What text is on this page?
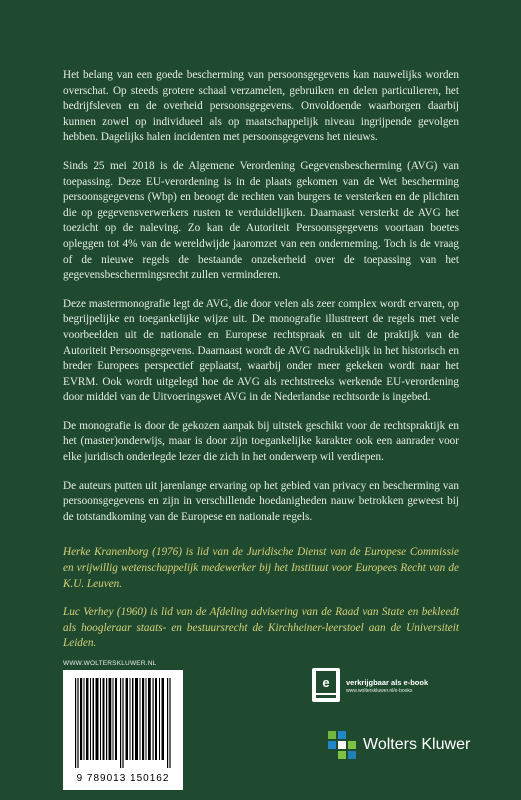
Het belang van een goede bescherming van persoonsgegevens kan nauwelijks worden overschat. Op steeds grotere schaal verzamelen, gebruiken en delen particulieren, het bedrijfsleven en de overheid persoonsgegevens. Onvoldoende waarborgen daarbij kunnen zowel op individueel als op maatschappelijk niveau ingrijpende gevolgen hebben. Dagelijks halen incidenten met persoonsgegevens het nieuws.

Sinds 25 mei 2018 is de Algemene Verordening Gegevensbescherming (AVG) van toepassing. Deze EU-verordening is in de plaats gekomen van de Wet bescherming persoonsgegevens (Wbp) en beoogt de rechten van burgers te versterken en de plichten die op gegevensverwerkers rusten te verduidelijken. Daarnaast versterkt de AVG het toezicht op de naleving. Zo kan de Autoriteit Persoonsgegevens voortaan boetes opleggen tot 4% van de wereldwijde jaaromzet van een onderneming. Toch is de vraag of de nieuwe regels de bestaande onzekerheid over de toepassing van het gegevensbeschermingsrecht zullen verminderen.

Deze mastermonografie legt de AVG, die door velen als zeer complex wordt ervaren, op begrijpelijke en toegankelijke wijze uit. De monografie illustreert de regels met vele voorbeelden uit de nationale en Europese rechtspraak en uit de praktijk van de Autoriteit Persoonsgegevens. Daarnaast wordt de AVG nadrukkelijk in het historisch en breder Europees perspectief geplaatst, waarbij onder meer gekeken wordt naar het EVRM. Ook wordt uitgelegd hoe de AVG als rechtstreeks werkende EU-verordening door middel van de Uitvoeringswet AVG in de Nederlandse rechtsorde is ingebed.

De monografie is door de gekozen aanpak bij uitstek geschikt voor de rechtspraktijk en het (master)onderwijs, maar is door zijn toegankelijke karakter ook een aanrader voor elke juridisch onderlegde lezer die zich in het onderwerp wil verdiepen.

De auteurs putten uit jarenlange ervaring op het gebied van privacy en bescherming van persoonsgegevens en zijn in verschillende hoedanigheden nauw betrokken geweest bij de totstandkoming van de Europese en nationale regels.

Herke Kranenborg (1976) is lid van de Juridische Dienst van de Europese Commissie en vrijwillig wetenschappelijk medewerker bij het Instituut voor Europees Recht van de K.U. Leuven.

Luc Verhey (1960) is lid van de Afdeling advisering van de Raad van State en bekleedt als hoogleraar staats- en bestuursrecht de Kirchheiner-leerstoel aan de Universiteit Leiden.

WWW.WOLTERSKLUWER.NL
9 789013 150162
e verkrijgbaar als e-book
www.wolterskluwer.nl/e-books
Wolters Kluwer
